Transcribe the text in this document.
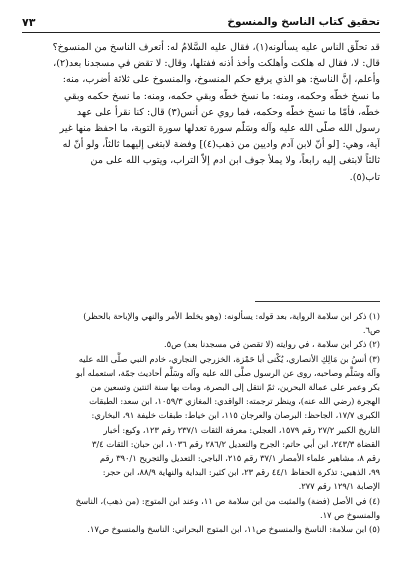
٧٣	تحقيق كتاب الناسخ والمنسوخ
قد تحلَّق الناس عليه يسألونه(١)، فقال عليه السَّلامُ له: أتعرف الناسخ من المنسوخ؟
قال: لا، فقال له هلكت وأهلكت وأخذ أذنه ففتلها، وقال: لا تقض في مسجدنا بعد(٢)،
وأعلم، إنَّ الناسخ: هو الذي يرفع حكم المنسوخ، والمنسوخ على ثلاثة أضرب، منه:
ما نسخ خطّه وحكمه، ومنه: ما نسخ خطّه وبقي حكمه، ومنه: ما نسخ حكمه وبقي
خطّه، فأمّا ما نسخ خطّه وحكمه، فما روي عن أنس(٣) قال: كنا نقرأ على عهد
رسول الله صلَّى الله عليه وآله وسَلَّم سورة تعدلها سورة التوبة، ما احفظ منها غير
آية، وهي: [لو أنّ لابن آدم واديين من ذهب(٤)] وفضة لابتغى إليهما ثالثاً، ولو أنّ له
ثالثاً لابتغى إليه رابعاً، ولا يملأ جوف ابن ادم إلاّ التراب، ويتوب الله على من
تاب(٥).
(١) ذكر ابن سلامة الرواية، بعد قوله: يسألونه: (وهو يخلط الأمر والنهي والإباحة بالحظر)
ص٦.
(٢) ذكر ابن سلامة ، في روايته (لا تقصن في مسجدنا بعد) ص٥.
(٣) أنسُ بن مَالِكِ الأنصاري، يُكْنى أبا حَمْزة، الخزرجي النجاري، خادم النبي صلَّى الله عليه
وآله وسَلَّم وصاحبه، روى عن الرسول صلَّى الله عليه وآله وسَلَّم أحاديث جمّة، استعمله أبو
بكر وعمر على عمالة البحرين، ثمّ انتقل إلى البصرة، ومات بها سنة اثنتين وتسعين من
الهجرة (رضي الله عنه)، وينظر ترجمته: الواقدي: المغازي ١٠٥٩/٣، ابن سعد: الطبقات
الكبرى ١٧/٧، الجاحظ: البرصان والعرجان ١١٥، ابن خياط: طبقات خليفة ٩١، البخاري:
التاريخ الكبير ٢٧/٢ رقم ١٥٧٩، العجلي: معرفة الثقات ٢٣٧/١ رقم ١٢٣، وكيع: أخبار
القضاة ٢٤٣/٣، ابن أبي حاتم: الجرح والتعديل ٢٨٦/٢ رقم ١٠٣٦، ابن حبان: الثقات ٣/٤
رقم ٨، مشاهير علماء الأمصار ٣٧/١ رقم ٢١٥، الباجي: التعديل والتجريح ٣٩٠/١ رقم
٩٩، الذهبي: تذكرة الحفاظ ٤٤/١ رقم ٢٣، ابن كثير: البداية والنهاية ٨٨/٩، ابن حجر:
الإصابة ١٢٩/١ رقم ٢٧٧.
(٤) في الأصل (فضة) والمثبت من ابن سلامة ص ١١، وعند ابن المتوج: (من ذهب)، الناسخ
والمنسوخ ص ١٧.
(٥) ابن سلامة: الناسخ والمنسوخ ص١١، ابن المتوج البحراني: الناسخ والمنسوخ ص١٧.
